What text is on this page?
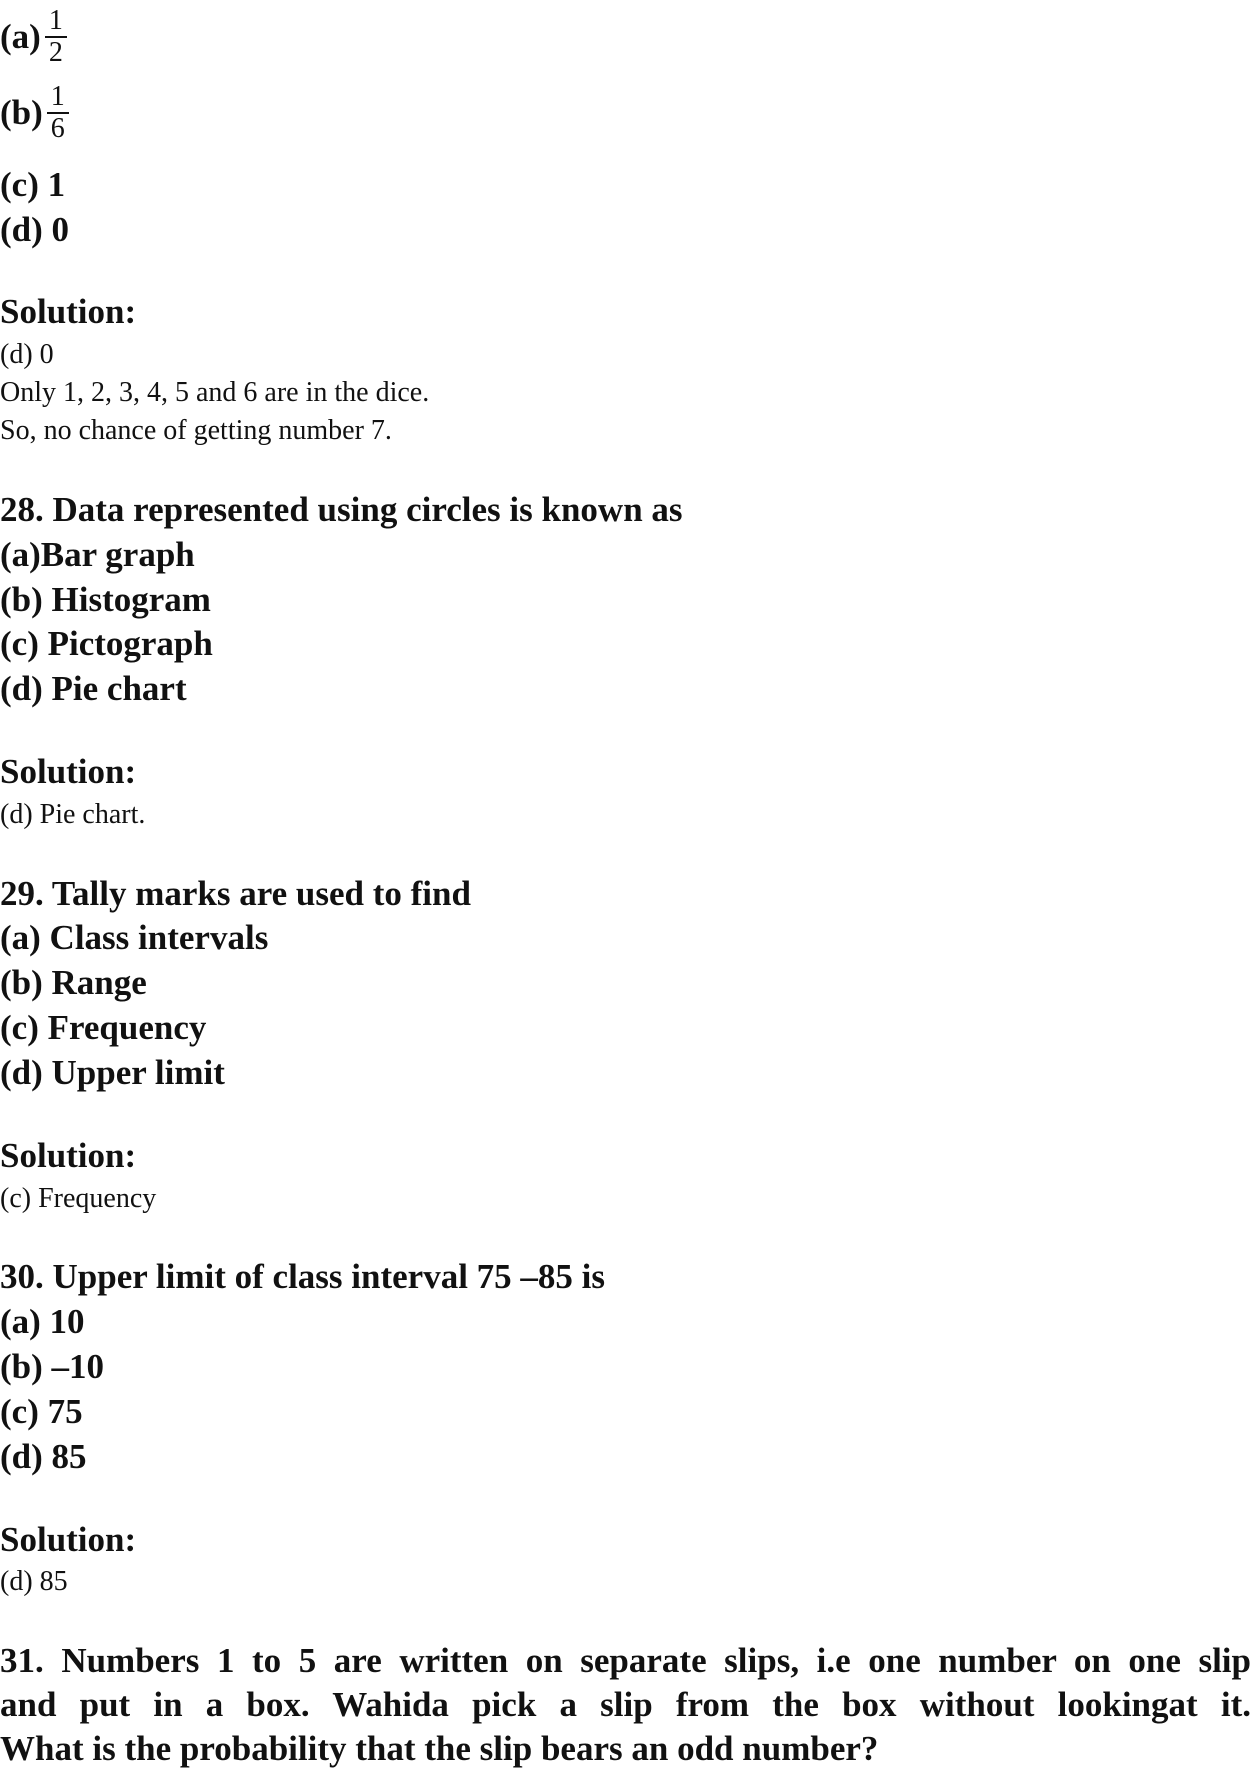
$(a) \frac{1}{2}$
$(b) \frac{1}{6}$
(c) 1
(d) 0
Solution:
(d) 0
Only 1, 2, 3, 4, 5 and 6 are in the dice.
So, no chance of getting number 7.
28. Data represented using circles is known as
(a)Bar graph
(b) Histogram
(c) Pictograph
(d) Pie chart
Solution:
(d) Pie chart.
29. Tally marks are used to find
(a) Class intervals
(b) Range
(c) Frequency
(d) Upper limit
Solution:
(c) Frequency
30. Upper limit of class interval 75 –85 is
(a) 10
(b) –10
(c) 75
(d) 85
Solution:
(d) 85
31. Numbers 1 to 5 are written on separate slips, i.e one number on one slip
and put in a box. Wahida pick a slip from the box without lookingat it.
What is the probability that the slip bears an odd number?
